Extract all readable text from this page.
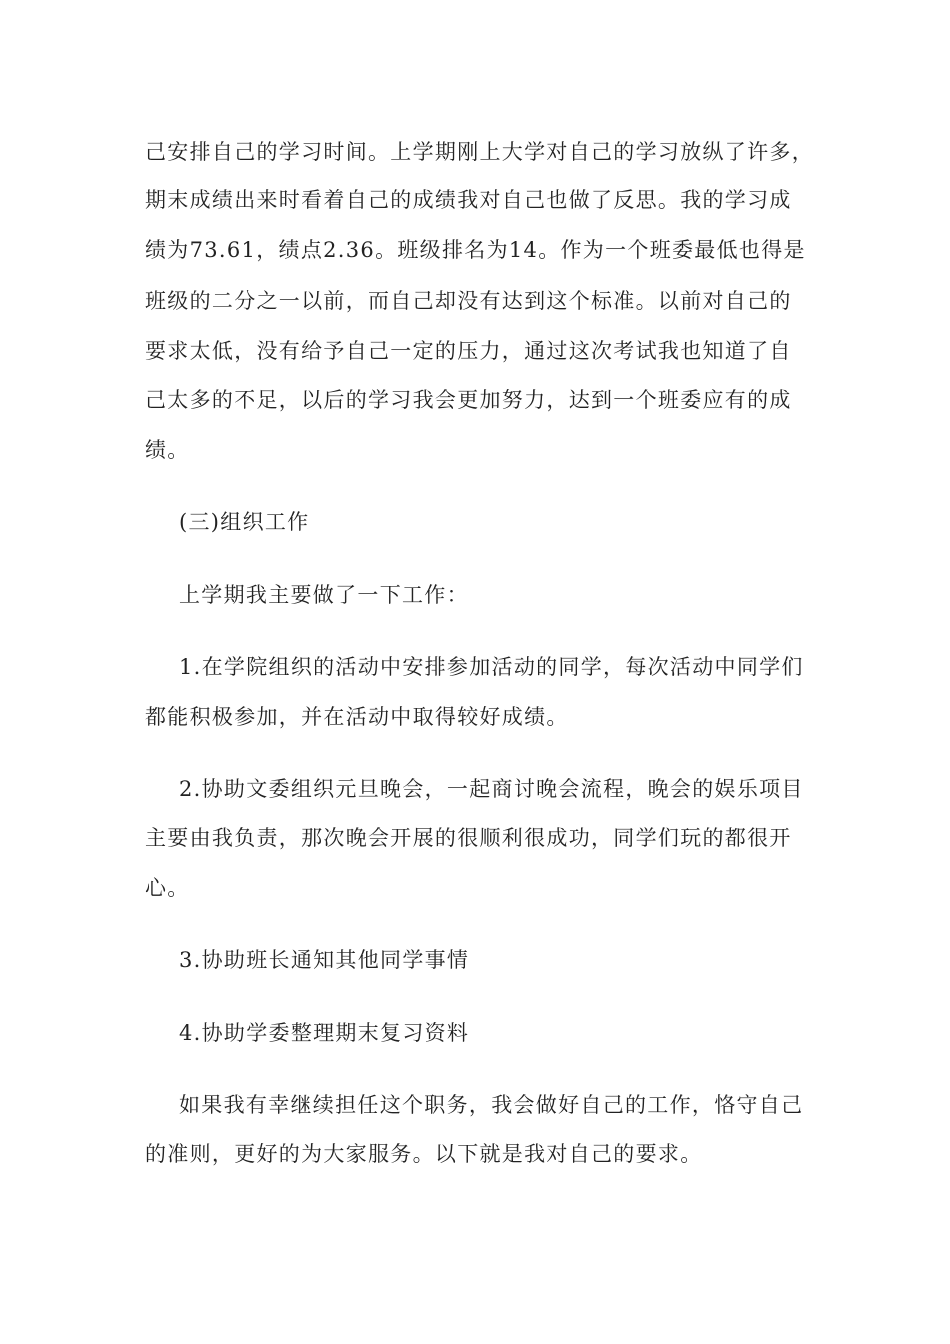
己安排自己的学习时间。上学期刚上大学对自己的学习放纵了许多，
期末成绩出来时看着自己的成绩我对自己也做了反思。我的学习成
绩为73.61，绩点2.36。班级排名为14。作为一个班委最低也得是
班级的二分之一以前，而自己却没有达到这个标准。以前对自己的
要求太低，没有给予自己一定的压力，通过这次考试我也知道了自
己太多的不足，以后的学习我会更加努力，达到一个班委应有的成
绩。
(三)组织工作
上学期我主要做了一下工作：
1.在学院组织的活动中安排参加活动的同学，每次活动中同学们
都能积极参加，并在活动中取得较好成绩。
2.协助文委组织元旦晚会，一起商讨晚会流程，晚会的娱乐项目
主要由我负责，那次晚会开展的很顺利很成功，同学们玩的都很开
心。
3.协助班长通知其他同学事情
4.协助学委整理期末复习资料
如果我有幸继续担任这个职务，我会做好自己的工作，恪守自己
的准则，更好的为大家服务。以下就是我对自己的要求。
